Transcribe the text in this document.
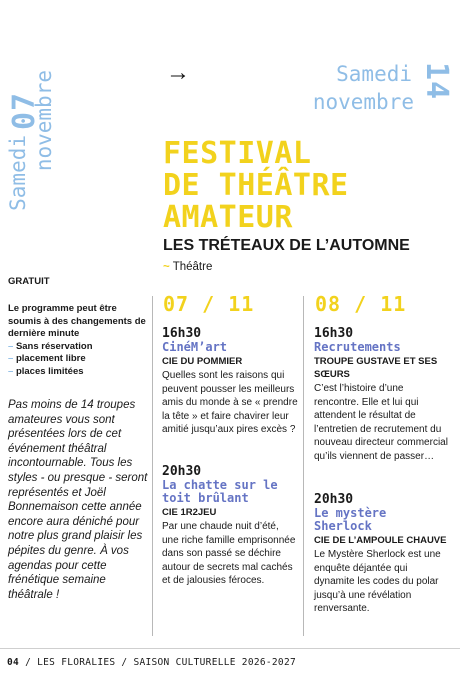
07
Samedi
novembre	→	Samedi
novembre
14
FESTIVAL
DE THÉÂTRE
AMATEUR
LES TRÉTEAUX DE L’AUTOMNE
~ Théâtre
GRATUIT
Le programme peut être soumis à des changements de dernière minute
– Sans réservation
– placement libre
– places limitées
Pas moins de 14 troupes amateures vous sont présentées lors de cet événement théâtral incontournable. Tous les styles - ou presque - seront représentés et Joël Bonnemaison cette année encore aura déniché pour notre plus grand plaisir les pépites du genre. À vos agendas pour cette frénétique semaine théâtrale !
07 / 11
16h30
CinéM’art
CIE DU POMMIER
Quelles sont les raisons qui peuvent pousser les meilleurs amis du monde à se « prendre la tête » et faire chavirer leur amitié jusqu’aux pires excès ?
20h30
La chatte sur le toit brûlant
CIE 1R2JEU
Par une chaude nuit d’été, une riche famille emprisonnée dans son passé se déchire autour de secrets mal cachés et de jalousies féroces.
08 / 11
16h30
Recrutements
TROUPE GUSTAVE ET SES SŒURS
C’est l’histoire d’une rencontre. Elle et lui qui attendent le résultat de l’entretien de recrutement du nouveau directeur commercial qu’ils viennent de passer…
20h30
Le mystère Sherlock
CIE DE L’AMPOULE CHAUVE
Le Mystère Sherlock est une enquête déjantée qui dynamite les codes du polar jusqu’à une révélation renversante.
04 / LES FLORALIES / SAISON CULTURELLE 2026-2027
